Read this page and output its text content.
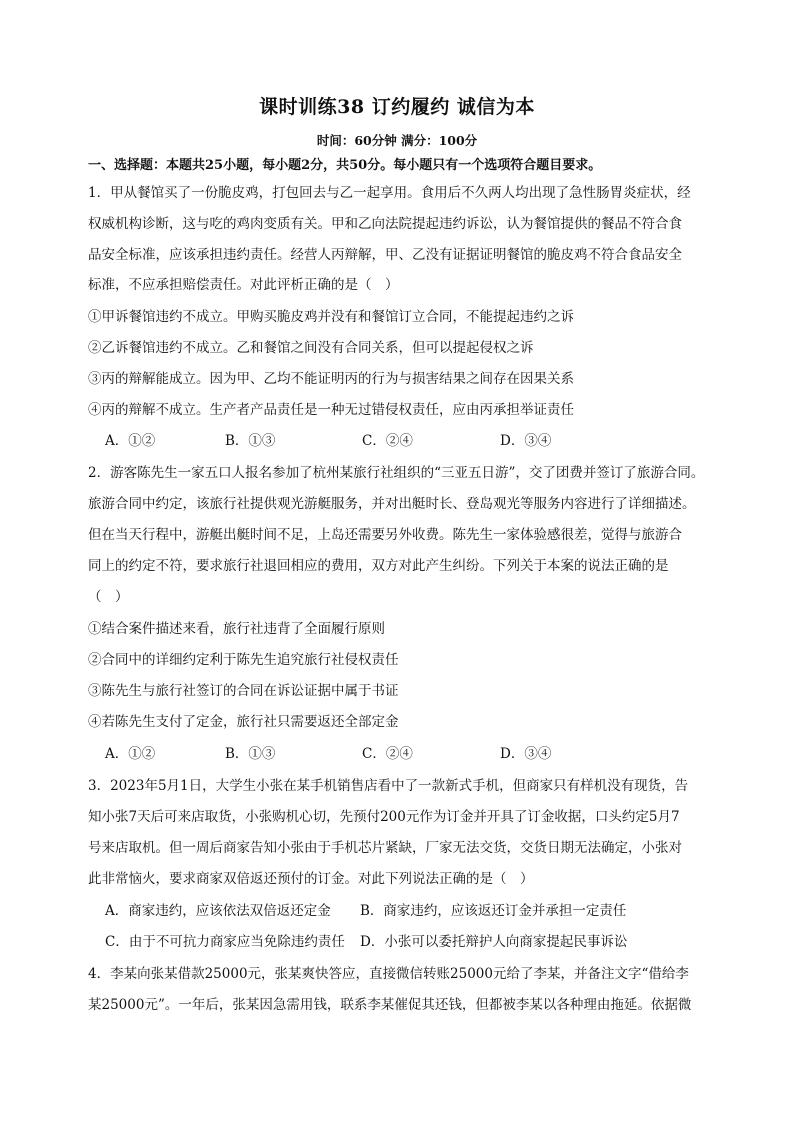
课时训练38 订约履约 诚信为本
时间：60分钟 满分：100分
一、选择题：本题共25小题，每小题2分，共50分。每小题只有一个选项符合题目要求。
1．甲从餐馆买了一份脆皮鸡，打包回去与乙一起享用。食用后不久两人均出现了急性肠胃炎症状，经
权威机构诊断，这与吃的鸡肉变质有关。甲和乙向法院提起违约诉讼，认为餐馆提供的餐品不符合食
品安全标准，应该承担违约责任。经营人丙辩解，甲、乙没有证据证明餐馆的脆皮鸡不符合食品安全
标准，不应承担赔偿责任。对此评析正确的是（　）
①甲诉餐馆违约不成立。甲购买脆皮鸡并没有和餐馆订立合同，不能提起违约之诉
②乙诉餐馆违约不成立。乙和餐馆之间没有合同关系，但可以提起侵权之诉
③丙的辩解能成立。因为甲、乙均不能证明丙的行为与损害结果之间存在因果关系
④丙的辩解不成立。生产者产品责任是一种无过错侵权责任，应由丙承担举证责任
A．①②	B．①③	C．②④	D．③④
2．游客陈先生一家五口人报名参加了杭州某旅行社组织的“三亚五日游”，交了团费并签订了旅游合同。
旅游合同中约定，该旅行社提供观光游艇服务，并对出艇时长、登岛观光等服务内容进行了详细描述。
但在当天行程中，游艇出艇时间不足，上岛还需要另外收费。陈先生一家体验感很差，觉得与旅游合
同上的约定不符，要求旅行社退回相应的费用，双方对此产生纠纷。下列关于本案的说法正确的是
（　）
①结合案件描述来看，旅行社违背了全面履行原则
②合同中的详细约定利于陈先生追究旅行社侵权责任
③陈先生与旅行社签订的合同在诉讼证据中属于书证
④若陈先生支付了定金，旅行社只需要返还全部定金
A．①②	B．①③	C．②④	D．③④
3．2023年5月1日，大学生小张在某手机销售店看中了一款新式手机，但商家只有样机没有现货，告
知小张7天后可来店取货，小张购机心切，先预付200元作为订金并开具了订金收据，口头约定5月7
号来店取机。但一周后商家告知小张由于手机芯片紧缺，厂家无法交货，交货日期无法确定，小张对
此非常恼火，要求商家双倍返还预付的订金。对此下列说法正确的是（　）
A．商家违约，应该依法双倍返还定金 B．商家违约，应该返还订金并承担一定责任
C．由于不可抗力商家应当免除违约责任 D．小张可以委托辩护人向商家提起民事诉讼
4．李某向张某借款25000元，张某爽快答应，直接微信转账25000元给了李某，并备注文字“借给李
某25000元”。一年后，张某因急需用钱，联系李某催促其还钱，但都被李某以各种理由拖延。依据微
